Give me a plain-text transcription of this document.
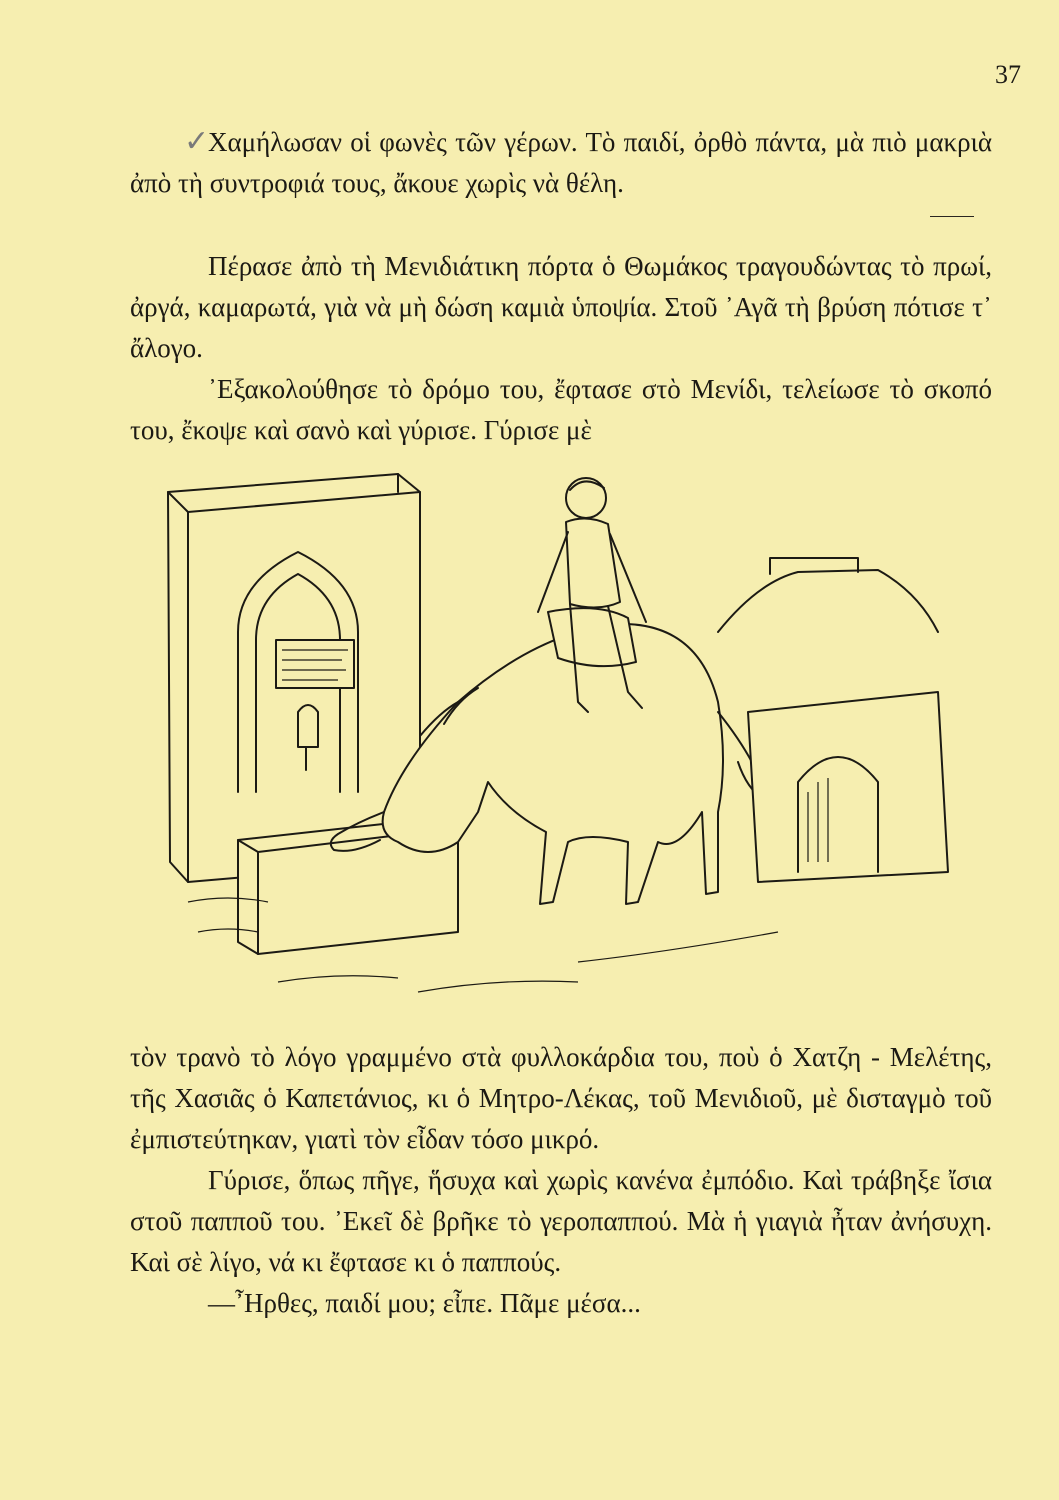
37
✓

Χαμήλωσαν οἱ φωνὲς τῶν γέρων. Τὸ παιδί, ὀρθὸ πάντα, μὰ πιὸ μακριὰ ἀπὸ τὴ συντροφιά τους, ἄκουε χωρὶς νὰ θέλη.

Πέρασε ἀπὸ τὴ Μενιδιάτικη πόρτα ὁ Θωμάκος τραγουδώντας τὸ πρωί, ἀργά, καμαρωτά, γιὰ νὰ μὴ δώση καμιὰ ὑποψία. Στοῦ ᾿Αγᾶ τὴ βρύση πότισε τ᾿ ἄλογο.

᾿Εξακολούθησε τὸ δρόμο του, ἔφτασε στὸ Μενίδι, τελείωσε τὸ σκοπό του, ἔκοψε καὶ σανὸ καὶ γύρισε. Γύρισε μὲ

τὸν τρανὸ τὸ λόγο γραμμένο στὰ φυλλοκάρδια του, ποὺ ὁ Χατζη - Μελέτης, τῆς Χασιᾶς ὁ Καπετάνιος, κι ὁ Μητρο-Λέκας, τοῦ Μενιδιοῦ, μὲ δισταγμὸ τοῦ ἐμπιστεύτηκαν, γιατὶ τὸν εἶδαν τόσο μικρό.

Γύρισε, ὅπως πῆγε, ἥσυχα καὶ χωρὶς κανένα ἐμπόδιο. Καὶ τράβηξε ἴσια στοῦ παπποῦ του. ᾿Εκεῖ δὲ βρῆκε τὸ γεροπαππού. Μὰ ἡ γιαγιὰ ἦταν ἀνήσυχη. Καὶ σὲ λίγο, νά κι ἔφτασε κι ὁ παππούς.

—῏Ηρθες, παιδί μου; εἶπε. Πᾶμε μέσα...
